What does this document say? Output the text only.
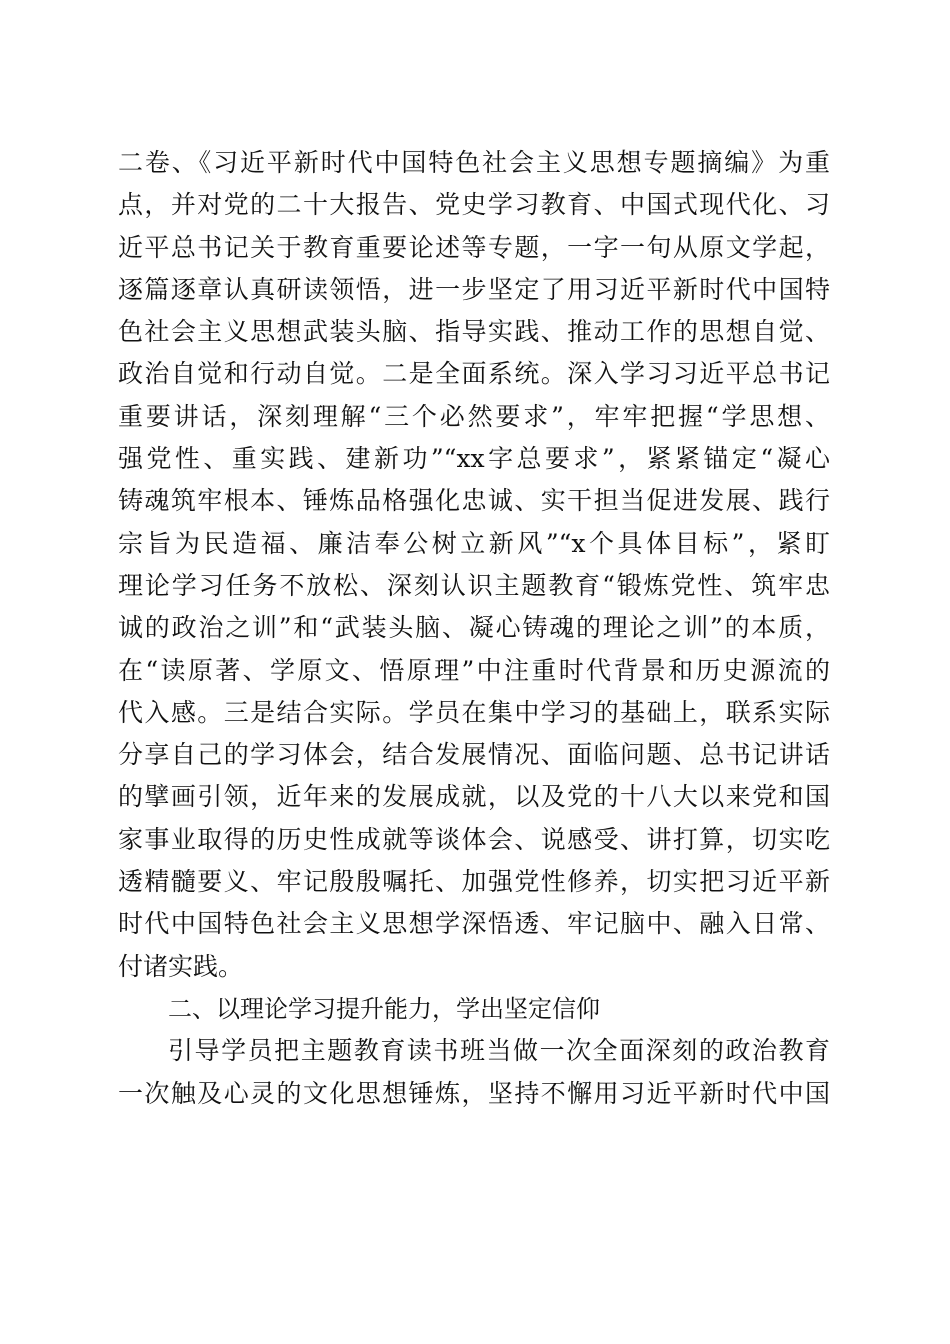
二卷、《习近平新时代中国特色社会主义思想专题摘编》为重
点，并对党的二十大报告、党史学习教育、中国式现代化、习
近平总书记关于教育重要论述等专题，一字一句从原文学起，
逐篇逐章认真研读领悟，进一步坚定了用习近平新时代中国特
色社会主义思想武装头脑、指导实践、推动工作的思想自觉、
政治自觉和行动自觉。二是全面系统。深入学习习近平总书记
重要讲话，深刻理解“三个必然要求”，牢牢把握“学思想、
强党性、重实践、建新功”“xx字总要求”，紧紧锚定“凝心
铸魂筑牢根本、锤炼品格强化忠诚、实干担当促进发展、践行
宗旨为民造福、廉洁奉公树立新风”“x个具体目标”，紧盯
理论学习任务不放松、深刻认识主题教育“锻炼党性、筑牢忠
诚的政治之训”和“武装头脑、凝心铸魂的理论之训”的本质，
在“读原著、学原文、悟原理”中注重时代背景和历史源流的
代入感。三是结合实际。学员在集中学习的基础上，联系实际
分享自己的学习体会，结合发展情况、面临问题、总书记讲话
的擘画引领，近年来的发展成就，以及党的十八大以来党和国
家事业取得的历史性成就等谈体会、说感受、讲打算，切实吃
透精髓要义、牢记殷殷嘱托、加强党性修养，切实把习近平新
时代中国特色社会主义思想学深悟透、牢记脑中、融入日常、
付诸实践。
二、以理论学习提升能力，学出坚定信仰
引导学员把主题教育读书班当做一次全面深刻的政治教育
一次触及心灵的文化思想锤炼，坚持不懈用习近平新时代中国
